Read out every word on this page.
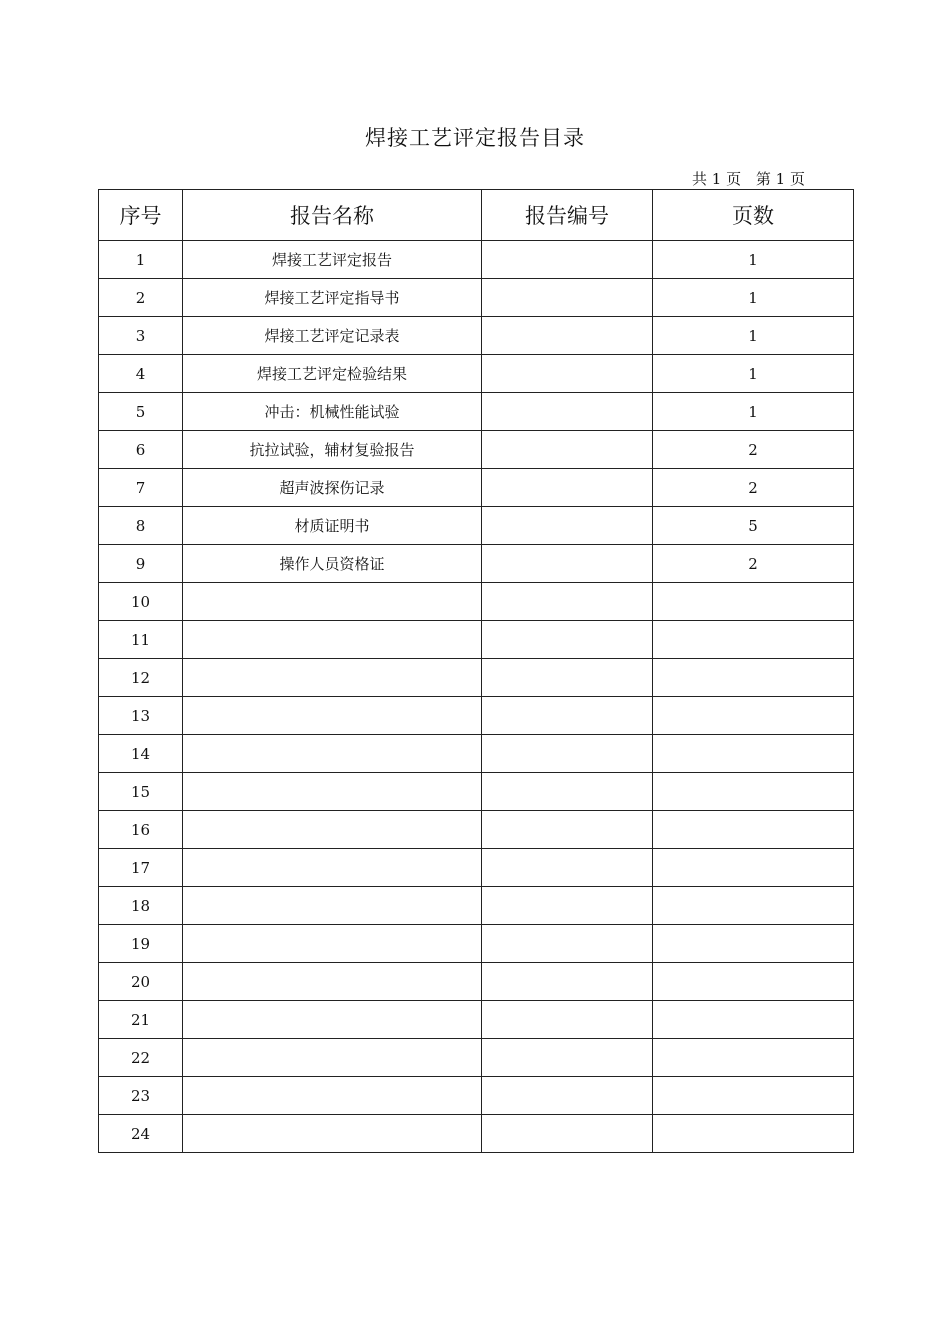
焊接工艺评定报告目录
共 1 页 第 1 页
序号	报告名称	报告编号	页数
1	焊接工艺评定报告		1
2	焊接工艺评定指导书		1
3	焊接工艺评定记录表		1
4	焊接工艺评定检验结果		1
5	冲击：机械性能试验		1
6	抗拉试验，辅材复验报告		2
7	超声波探伤记录		2
8	材质证明书		5
9	操作人员资格证		2
10			
11			
12			
13			
14			
15			
16			
17			
18			
19			
20			
21			
22			
23			
24			
